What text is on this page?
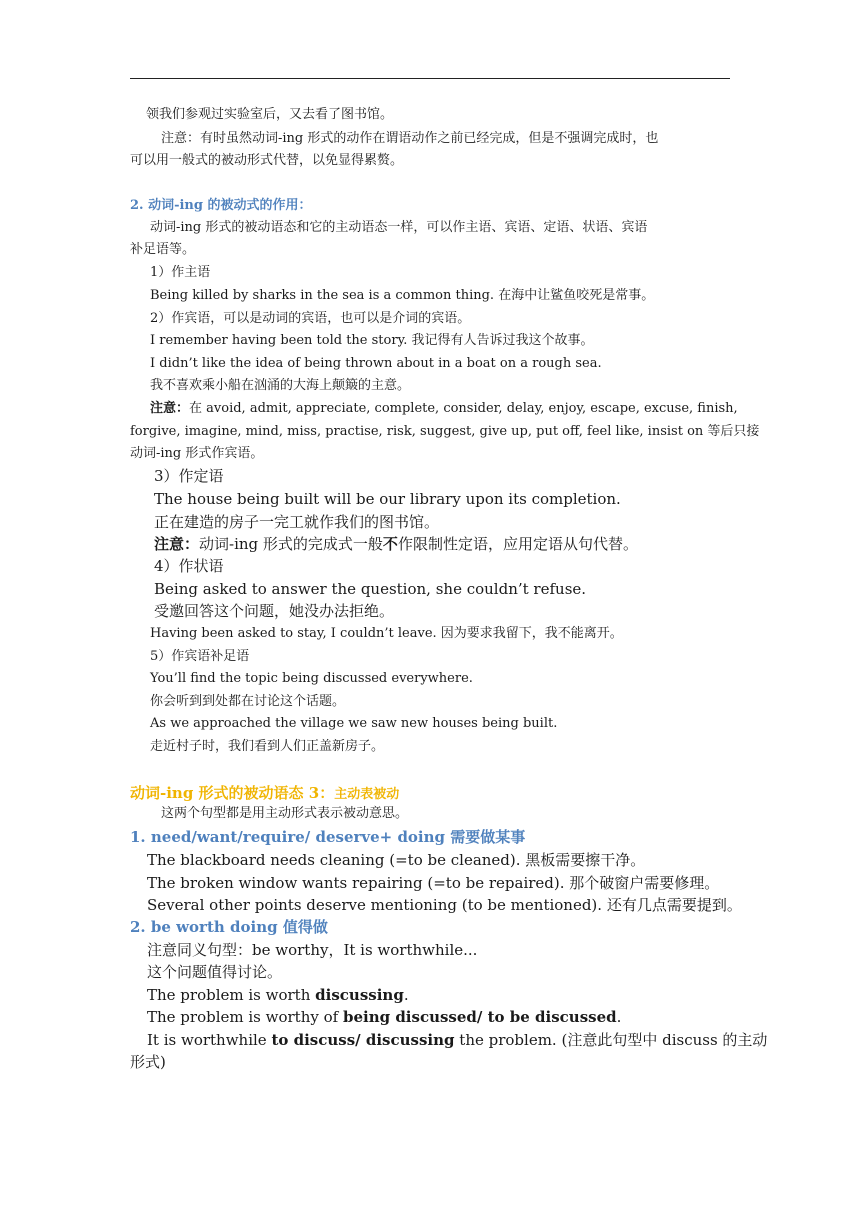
领我们参观过实验室后，又去看了图书馆。
注意：有时虽然动词-ing 形式的动作在谓语动作之前已经完成，但是不强调完成时，也
可以用一般式的被动形式代替，以免显得累赘。
2. 动词-ing 的被动式的作用：
动词-ing 形式的被动语态和它的主动语态一样，可以作主语、宾语、定语、状语、宾语
补足语等。
1）作主语
Being killed by sharks in the sea is a common thing. 在海中让鲨鱼咬死是常事。
2）作宾语，可以是动词的宾语，也可以是介词的宾语。
I remember having been told the story. 我记得有人告诉过我这个故事。
I didn’t like the idea of being thrown about in a boat on a rough sea.
我不喜欢乘小船在汹涌的大海上颠簸的主意。
注意：在 avoid, admit, appreciate, complete, consider, delay, enjoy, escape, excuse, finish,
forgive, imagine, mind, miss, practise, risk, suggest, give up, put off, feel like, insist on 等后只接
动词-ing 形式作宾语。
3）作定语
The house being built will be our library upon its completion.
正在建造的房子一完工就作我们的图书馆。
注意：动词-ing 形式的完成式一般不作限制性定语，应用定语从句代替。
4）作状语
Being asked to answer the question, she couldn’t refuse.
受邀回答这个问题，她没办法拒绝。
Having been asked to stay, I couldn’t leave. 因为要求我留下，我不能离开。
5）作宾语补足语
You’ll find the topic being discussed everywhere.
你会听到到处都在讨论这个话题。
As we approached the village we saw new houses being built.
走近村子时，我们看到人们正盖新房子。
动词-ing 形式的被动语态 3：主动表被动
这两个句型都是用主动形式表示被动意思。
1. need/want/require/ deserve+ doing 需要做某事
The blackboard needs cleaning (=to be cleaned). 黑板需要擦干净。
The broken window wants repairing (=to be repaired). 那个破窗户需要修理。
Several other points deserve mentioning (to be mentioned). 还有几点需要提到。
2. be worth doing 值得做
注意同义句型：be worthy，It is worthwhile...
这个问题值得讨论。
The problem is worth discussing.
The problem is worthy of being discussed/ to be discussed.
It is worthwhile to discuss/ discussing the problem. (注意此句型中 discuss 的主动
形式)
